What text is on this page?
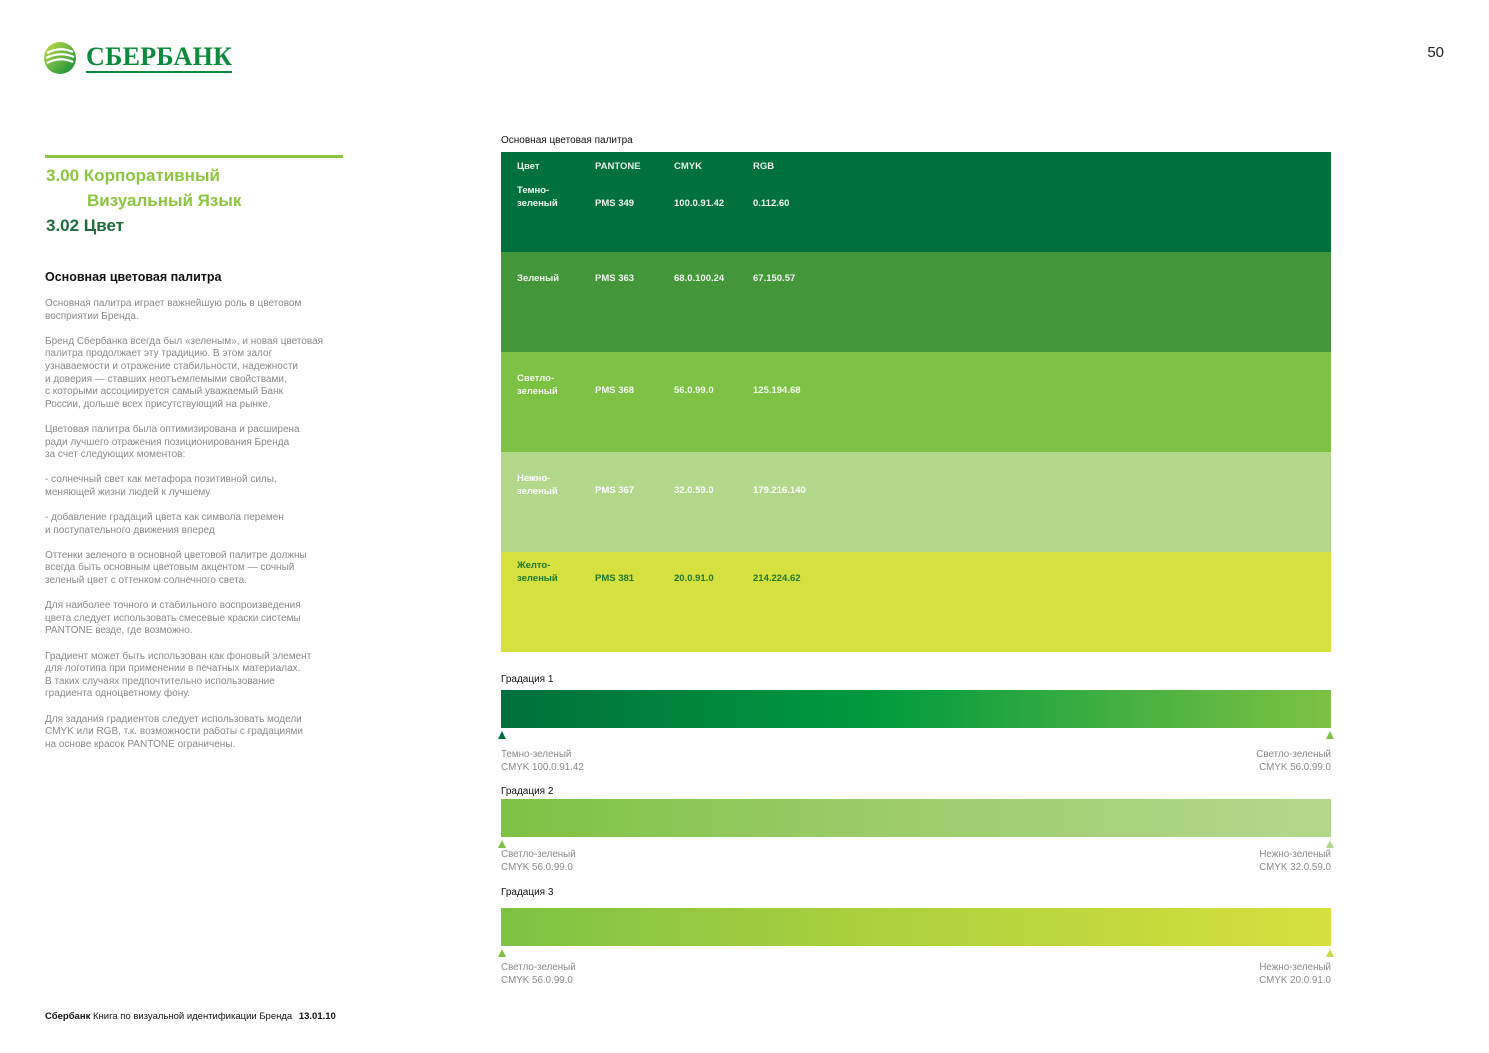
СБЕРБАНК	50
3.00 Корпоративный
Визуальный Язык
3.02 Цвет
Основная цветовая палитра

Основная палитра играет важнейшую роль в цветовом
восприятии Бренда.

Бренд Сбербанка всегда был «зеленым», и новая цветовая
палитра продолжает эту традицию. В этом залог
узнаваемости и отражение стабильности, надежности
и доверия — ставших неотъемлемыми свойствами,
с которыми ассоциируется самый уважаемый Банк
России, дольше всех присутствующий на рынке.

Цветовая палитра была оптимизирована и расширена
ради лучшего отражения позиционирования Бренда
за счет следующих моментов:

- солнечный свет как метафора позитивной силы,
меняющей жизни людей к лучшему

- добавление градаций цвета как символа перемен
и поступательного движения вперед

Оттенки зеленого в основной цветовой палитре должны
всегда быть основным цветовым акцентом — сочный
зеленый цвет с оттенком солнечного света.

Для наиболее точного и стабильного воспроизведения
цвета следует использовать смесевые краски системы
PANTONE везде, где возможно.

Градиент может быть использован как фоновый элемент
для логотипа при применении в печатных материалах.
В таких случаях предпочтительно использование
градиента одноцветному фону.

Для задания градиентов следует использовать модели
CMYK или RGB, т.к. возможности работы с градациями
на основе красок PANTONE ограничены.

Основная цветовая палитра
Цвет	PANTONE	CMYK	RGB
Темно-
зеленый	PMS 349	100.0.91.42	0.112.60
Зеленый	PMS 363	68.0.100.24	67.150.57
Светло-
зеленый	PMS 368	56.0.99.0	125.194.68
Нежно-
зеленый	PMS 367	32.0.59.0	179.216.140
Желто-
зеленый	PMS 381	20.0.91.0	214.224.62
Градация 1
Темно-зеленый
CMYK 100.0.91.42
Светло-зеленый
CMYK 56.0.99.0
Градация 2
Светло-зеленый
CMYK 56.0.99.0
Нежно-зеленый
CMYK 32.0.59.0
Градация 3
Светло-зеленый
CMYK 56.0.99.0
Нежно-зеленый
CMYK 20.0.91.0
Сбербанк Книга по визуальной идентификации Бренда 13.01.10
